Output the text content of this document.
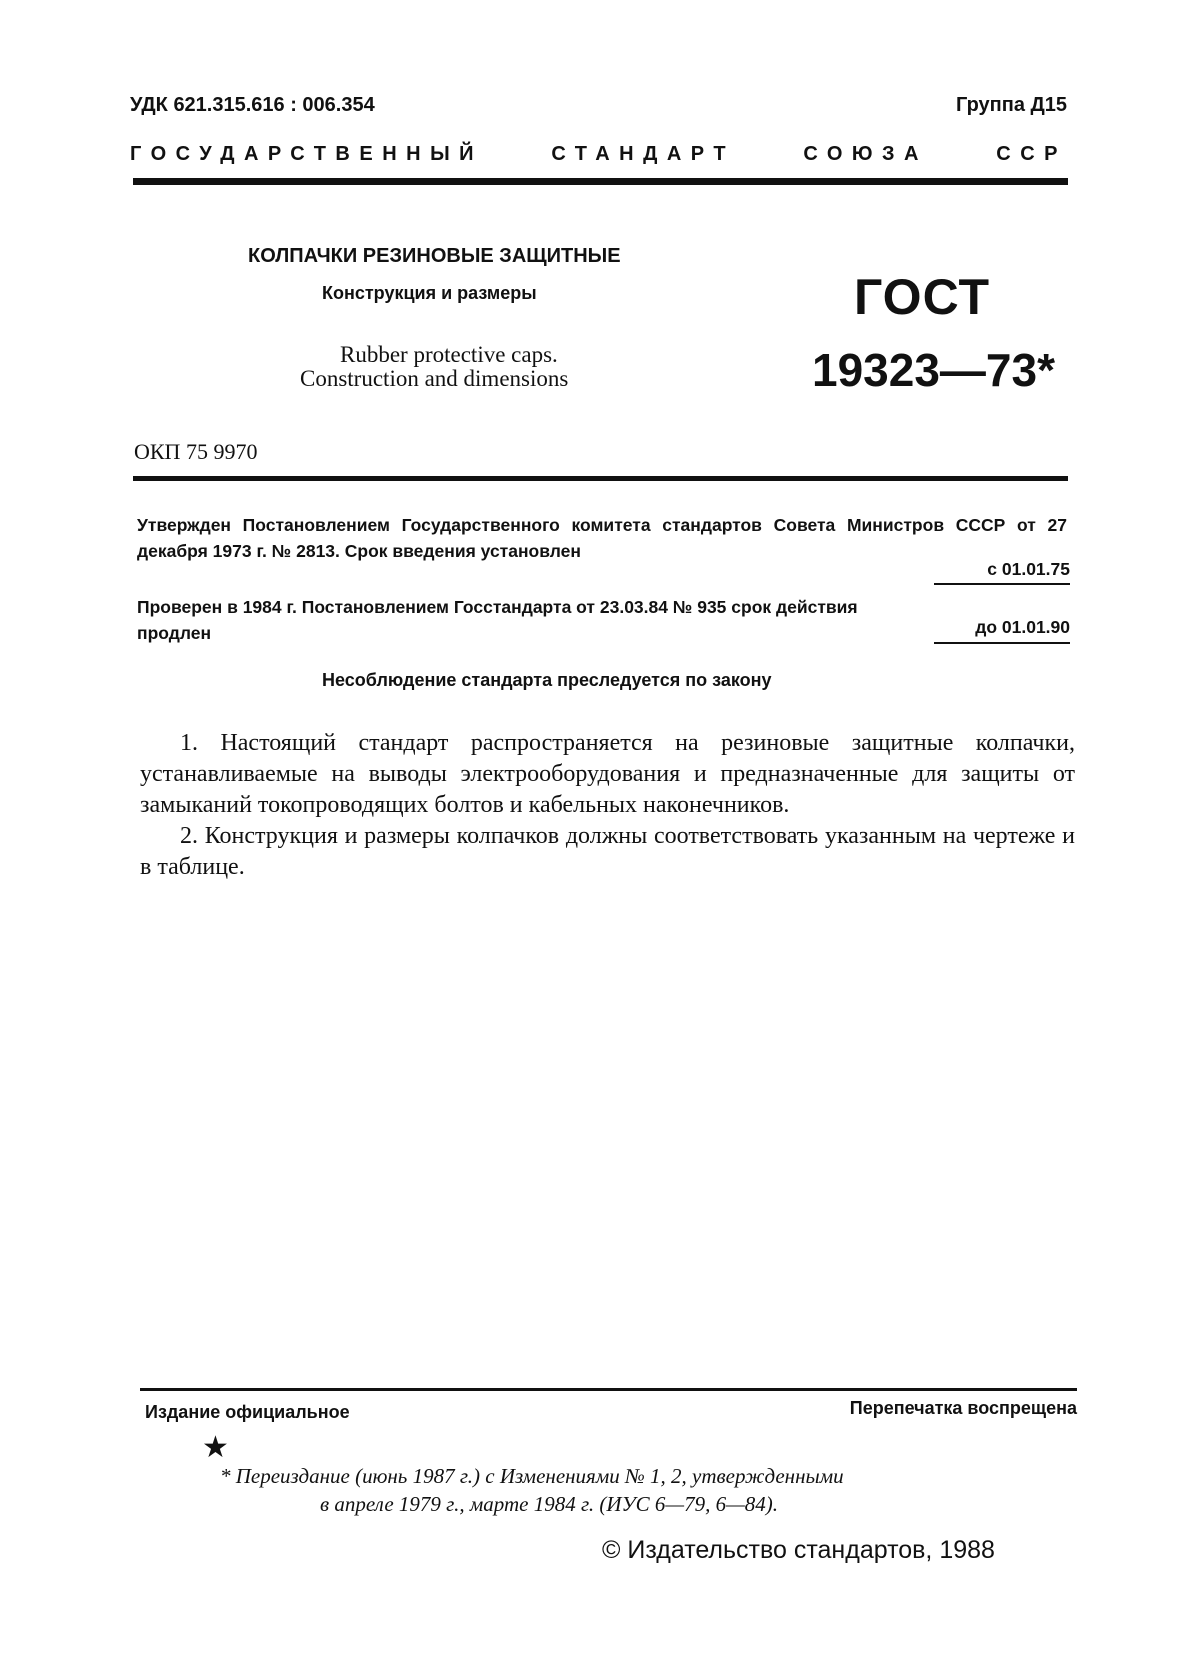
УДК 621.315.616 : 006.354	Группа Д15
ГОСУДАРСТВЕННЫЙ	СТАНДАРТ	СОЮЗА	ССР
КОЛПАЧКИ РЕЗИНОВЫЕ ЗАЩИТНЫЕ
Конструкция и размеры
Rubber protective caps.
Construction and dimensions
ГОСТ
19323—73*
ОКП 75 9970
Утвержден Постановлением Государственного комитета стандартов Совета Министров СССР от 27 декабря 1973 г. № 2813. Срок введения установлен
с 01.01.75
Проверен в 1984 г. Постановлением Госстандарта от 23.03.84 № 935 срок действия продлен	до 01.01.90
Несоблюдение стандарта преследуется по закону

1. Настоящий стандарт распространяется на резиновые защитные колпачки, устанавливаемые на выводы электрооборудования и предназначенные для защиты от замыканий токопроводящих болтов и кабельных наконечников.

2. Конструкция и размеры колпачков должны соответствовать указанным на чертеже и в таблице.

Издание официальное	Перепечатка воспрещена
★
* Переиздание (июнь 1987 г.) с Изменениями № 1, 2, утвержденными
в апреле 1979 г., марте 1984 г. (ИУС 6—79, 6—84).
© Издательство стандартов, 1988
